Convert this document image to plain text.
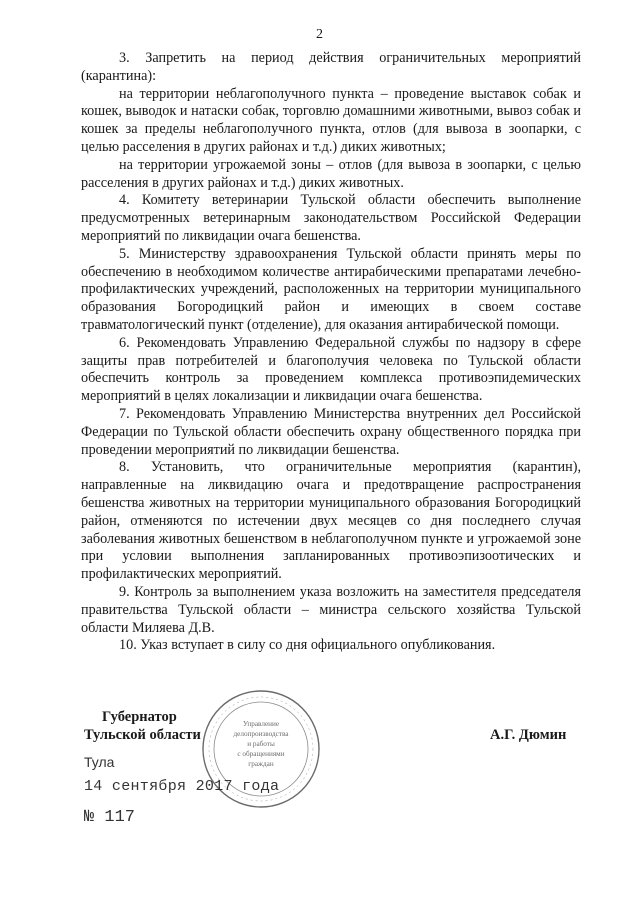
2

3. Запретить на период действия ограничительных мероприятий (карантина):

на территории неблагополучного пункта – проведение выставок собак и кошек, выводок и натаски собак, торговлю домашними животными, вывоз собак и кошек за пределы неблагополучного пункта, отлов (для вывоза в зоопарки, с целью расселения в других районах и т.д.) диких животных;

на территории угрожаемой зоны – отлов (для вывоза в зоопарки, с целью расселения в других районах и т.д.) диких животных.

4. Комитету ветеринарии Тульской области обеспечить выполнение предусмотренных ветеринарным законодательством Российской Федерации мероприятий по ликвидации очага бешенства.

5. Министерству здравоохранения Тульской области принять меры по обеспечению в необходимом количестве антирабическими препаратами лечебно-профилактических учреждений, расположенных на территории муниципального образования Богородицкий район и имеющих в своем составе травматологический пункт (отделение), для оказания антирабической помощи.

6. Рекомендовать Управлению Федеральной службы по надзору в сфере защиты прав потребителей и благополучия человека по Тульской области обеспечить контроль за проведением комплекса противоэпидемических мероприятий в целях локализации и ликвидации очага бешенства.

7. Рекомендовать Управлению Министерства внутренних дел Российской Федерации по Тульской области обеспечить охрану общественного порядка при проведении мероприятий по ликвидации бешенства.

8. Установить, что ограничительные мероприятия (карантин), направленные на ликвидацию очага и предотвращение распространения бешенства животных на территории муниципального образования Богородицкий район, отменяются по истечении двух месяцев со дня последнего случая заболевания животных бешенством в неблагополучном пункте и угрожаемой зоне при условии выполнения запланированных противоэпизоотических и профилактических мероприятий.

9. Контроль за выполнением указа возложить на заместителя председателя правительства Тульской области – министра сельского хозяйства Тульской области Миляева Д.В.

10. Указ вступает в силу со дня официального опубликования.

Управление
делопроизводства
и работы
с обращениями
граждан
Губернатор
Тульской области	А.Г. Дюмин
Тула
14 сентября 2017 года
№ 117
